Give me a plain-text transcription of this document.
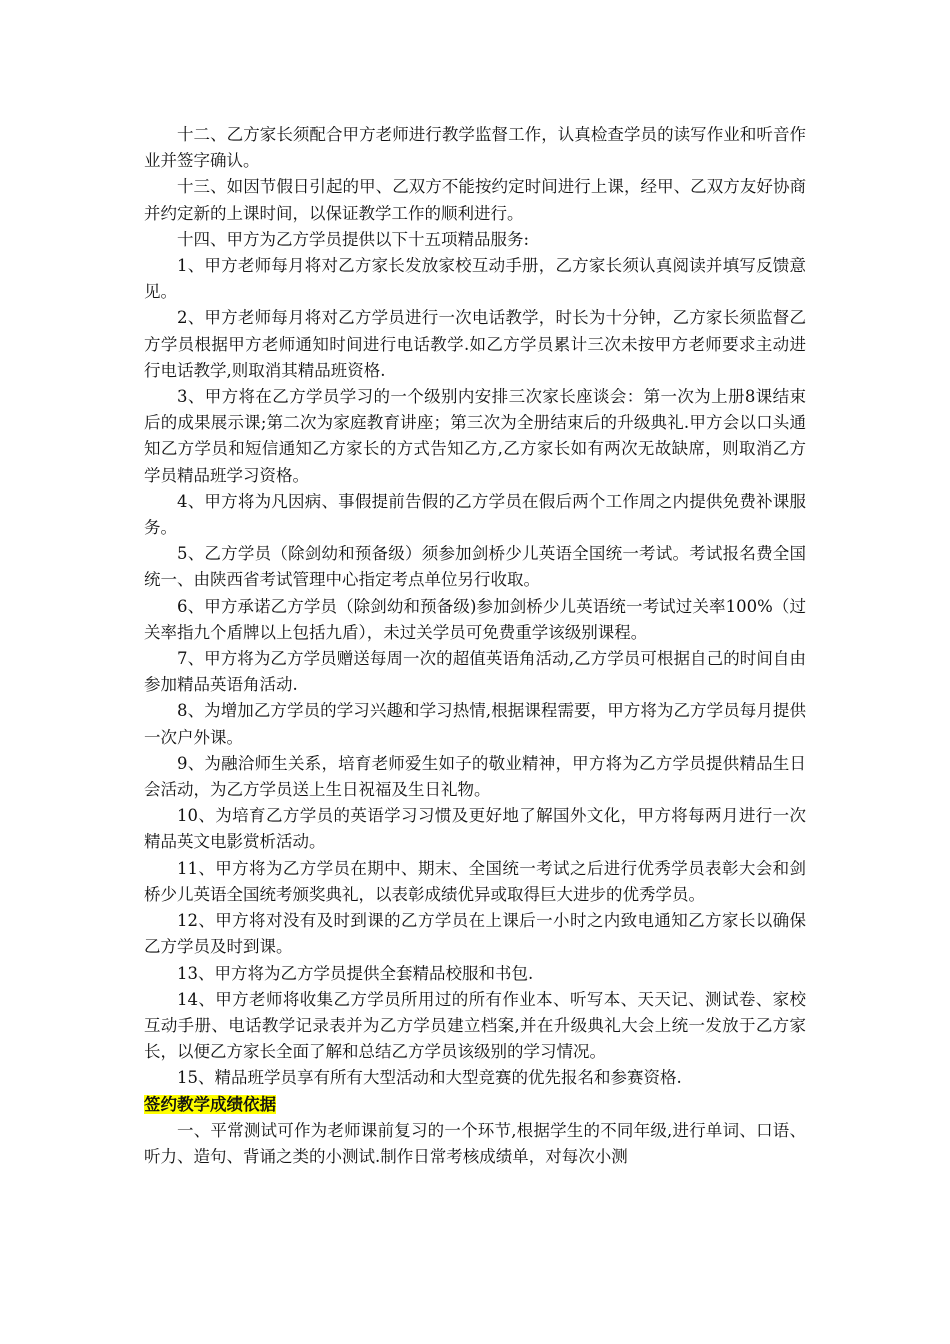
十二、乙方家长须配合甲方老师进行教学监督工作，认真检查学员的读写作业和听音作业并签字确认。

十三、如因节假日引起的甲、乙双方不能按约定时间进行上课，经甲、乙双方友好协商并约定新的上课时间，以保证教学工作的顺利进行。

十四、甲方为乙方学员提供以下十五项精品服务:

1、甲方老师每月将对乙方家长发放家校互动手册，乙方家长须认真阅读并填写反馈意见。

2、甲方老师每月将对乙方学员进行一次电话教学，时长为十分钟，乙方家长须监督乙方学员根据甲方老师通知时间进行电话教学.如乙方学员累计三次未按甲方老师要求主动进行电话教学,则取消其精品班资格.

3、甲方将在乙方学员学习的一个级别内安排三次家长座谈会：第一次为上册8课结束后的成果展示课;第二次为家庭教育讲座；第三次为全册结束后的升级典礼.甲方会以口头通知乙方学员和短信通知乙方家长的方式告知乙方,乙方家长如有两次无故缺席，则取消乙方学员精品班学习资格。

4、甲方将为凡因病、事假提前告假的乙方学员在假后两个工作周之内提供免费补课服务。

5、乙方学员（除剑幼和预备级）须参加剑桥少儿英语全国统一考试。考试报名费全国统一、由陕西省考试管理中心指定考点单位另行收取。

6、甲方承诺乙方学员（除剑幼和预备级)参加剑桥少儿英语统一考试过关率100%（过关率指九个盾牌以上包括九盾），未过关学员可免费重学该级别课程。

7、甲方将为乙方学员赠送每周一次的超值英语角活动,乙方学员可根据自己的时间自由参加精品英语角活动.

8、为增加乙方学员的学习兴趣和学习热情,根据课程需要，甲方将为乙方学员每月提供一次户外课。

9、为融洽师生关系，培育老师爱生如子的敬业精神，甲方将为乙方学员提供精品生日会活动，为乙方学员送上生日祝福及生日礼物。

10、为培育乙方学员的英语学习习惯及更好地了解国外文化，甲方将每两月进行一次精品英文电影赏析活动。

11、甲方将为乙方学员在期中、期末、全国统一考试之后进行优秀学员表彰大会和剑桥少儿英语全国统考颁奖典礼，以表彰成绩优异或取得巨大进步的优秀学员。

12、甲方将对没有及时到课的乙方学员在上课后一小时之内致电通知乙方家长以确保乙方学员及时到课。

13、甲方将为乙方学员提供全套精品校服和书包.

14、甲方老师将收集乙方学员所用过的所有作业本、听写本、天天记、测试卷、家校互动手册、电话教学记录表并为乙方学员建立档案,并在升级典礼大会上统一发放于乙方家长，以便乙方家长全面了解和总结乙方学员该级别的学习情况。

15、精品班学员享有所有大型活动和大型竞赛的优先报名和参赛资格.

签约教学成绩依据

一、平常测试可作为老师课前复习的一个环节,根据学生的不同年级,进行单词、口语、听力、造句、背诵之类的小测试.制作日常考核成绩单，对每次小测
